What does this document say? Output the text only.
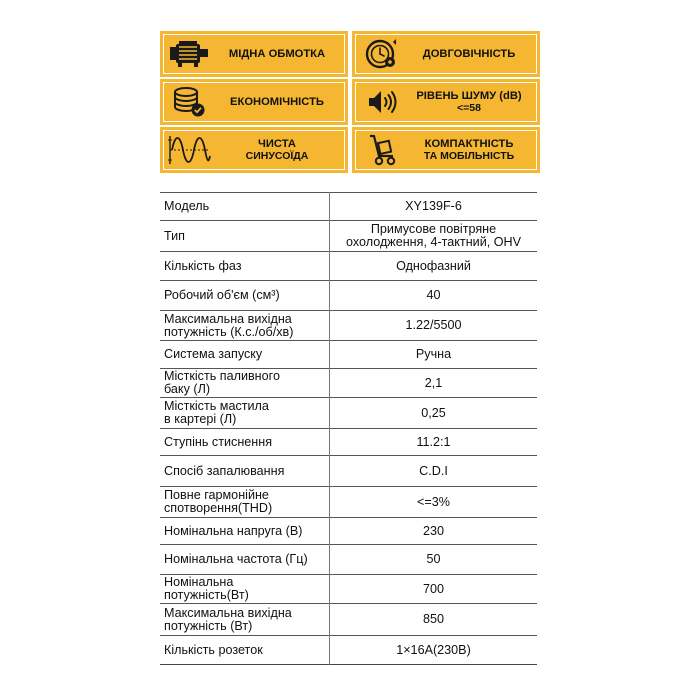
МІДНА ОБМОТКА	ДОВГОВІЧНІСТЬ
ЕКОНОМІЧНІСТЬ	РІВЕНЬ ШУМУ (dB)
<=58
ЧИСТА
СИНУСОЇДА
КОМПАКТНІСТЬ
ТА МОБІЛЬНІСТЬ
Модель	XY139F-6
Тип	Примусове повітряне
охолодження, 4-тактний, OHV
Кількість фаз	Однофазний
Робочий об'єм (см³)	40
Максимальна вихідна
потужність (К.с./об/хв)	1.22/5500
Система запуску	Ручна
Місткість паливного
баку (Л)	2,1
Місткість мастила
в картері (Л)	0,25
Ступінь стиснення	11.2:1
Спосіб запалювання	C.D.I
Повне гармонійне
спотворення(THD)	<=3%
Номінальна напруга (В)	230
Номінальна частота (Гц)	50
Номінальна
потужність(Вт)	700
Максимальна вихідна
потужність (Вт)	850
Кількість розеток	1×16A(230В)
